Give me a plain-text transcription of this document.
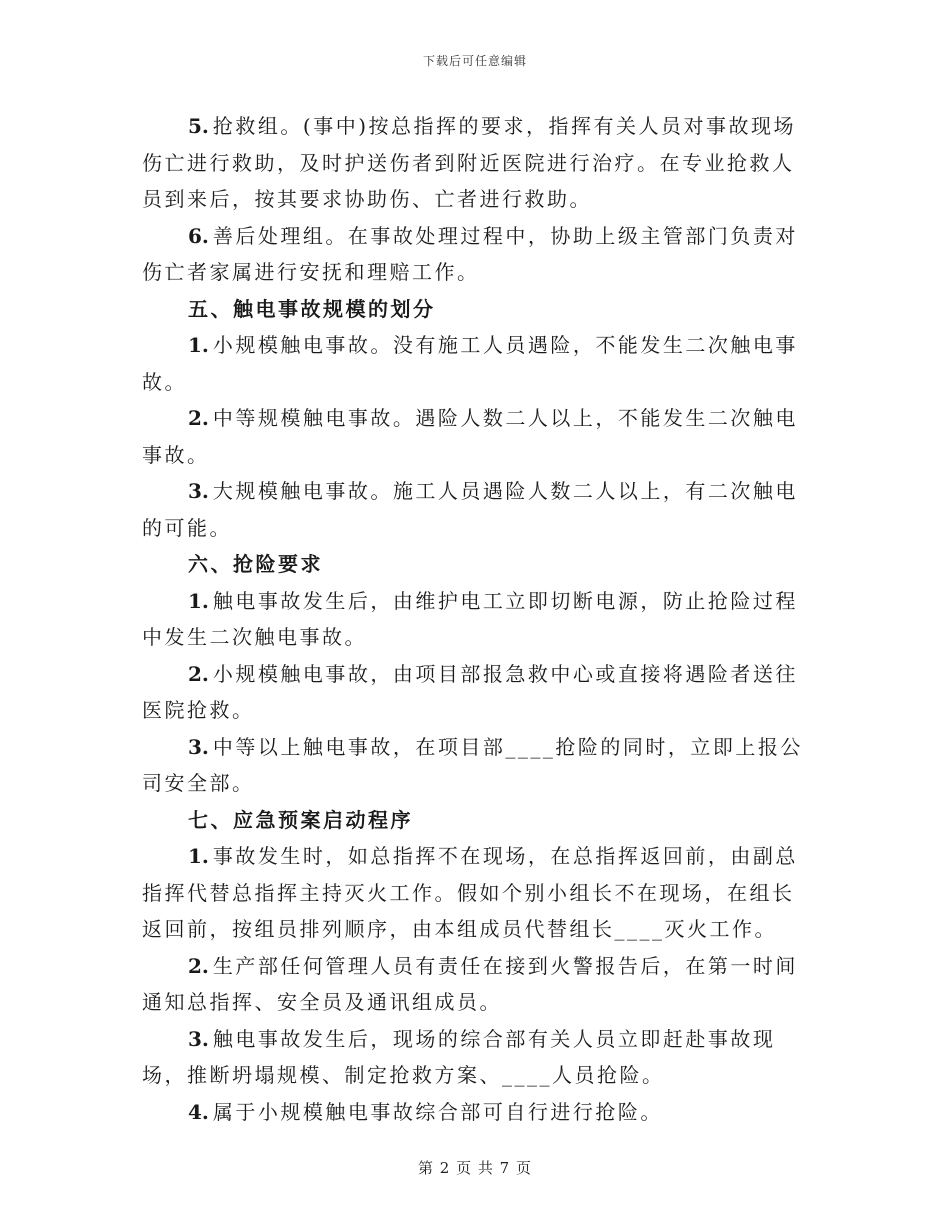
下载后可任意编辑

5. 抢救组。(事中)按总指挥的要求，指挥有关人员对事故现场伤亡进行救助，及时护送伤者到附近医院进行治疗。在专业抢救人员到来后，按其要求协助伤、亡者进行救助。

6. 善后处理组。在事故处理过程中，协助上级主管部门负责对伤亡者家属进行安抚和理赔工作。

五、触电事故规模的划分

1. 小规模触电事故。没有施工人员遇险，不能发生二次触电事故。

2. 中等规模触电事故。遇险人数二人以上，不能发生二次触电事故。

3. 大规模触电事故。施工人员遇险人数二人以上，有二次触电的可能。

六、抢险要求

1. 触电事故发生后，由维护电工立即切断电源，防止抢险过程中发生二次触电事故。

2. 小规模触电事故，由项目部报急救中心或直接将遇险者送往医院抢救。

3. 中等以上触电事故，在项目部____抢险的同时，立即上报公司安全部。

七、应急预案启动程序

1. 事故发生时，如总指挥不在现场，在总指挥返回前，由副总指挥代替总指挥主持灭火工作。假如个别小组长不在现场，在组长返回前，按组员排列顺序，由本组成员代替组长____灭火工作。

2. 生产部任何管理人员有责任在接到火警报告后，在第一时间通知总指挥、安全员及通讯组成员。

3. 触电事故发生后，现场的综合部有关人员立即赶赴事故现场，推断坍塌规模、制定抢救方案、____人员抢险。

4. 属于小规模触电事故综合部可自行进行抢险。

第 2 页 共 7 页
